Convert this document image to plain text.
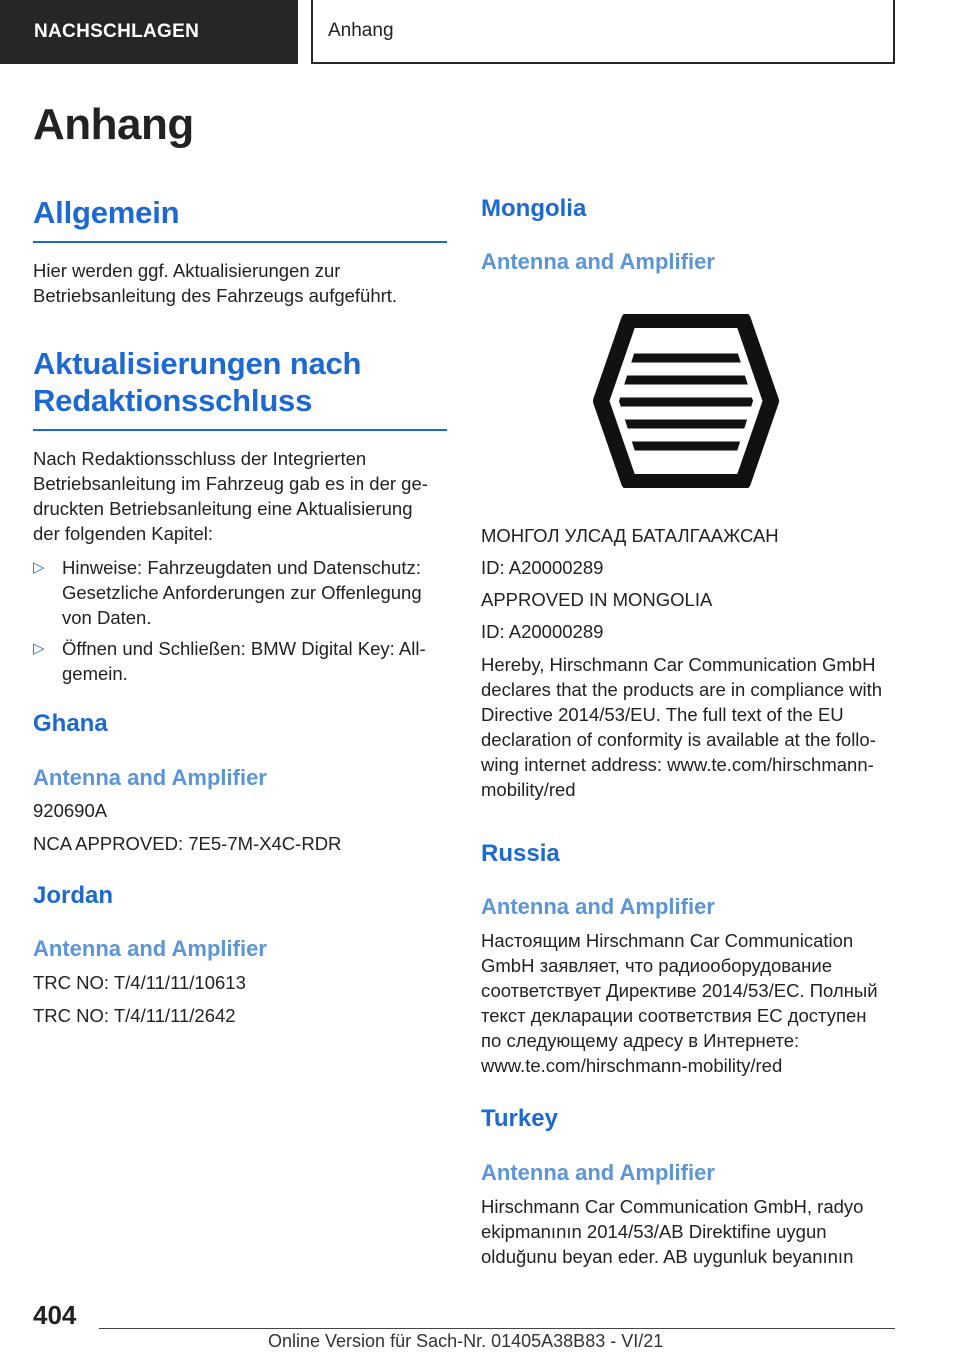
NACHSCHLAGEN	Anhang
Anhang
Allgemein

Hier werden ggf. Aktualisierungen zur

Betriebsanleitung des Fahrzeugs aufgeführt.

Aktualisierungen nach
Redaktionsschluss

Nach Redaktionsschluss der Integrierten

Betriebsanleitung im Fahrzeug gab es in der ge-

druckten Betriebsanleitung eine Aktualisierung

der folgenden Kapitel:

▷ Hinweise: Fahrzeugdaten und Datenschutz:

Gesetzliche Anforderungen zur Offenlegung

von Daten.

▷ Öffnen und Schließen: BMW Digital Key: All-

gemein.

Ghana
Antenna and Amplifier

920690A

NCA APPROVED: 7E5-7M-X4C-RDR

Jordan
Antenna and Amplifier

TRC NO: T/4/11/11/10613

TRC NO: T/4/11/11/2642

Mongolia
Antenna and Amplifier

МОНГОЛ УЛСАД БАТАЛГААЖСАН

ID: A20000289

APPROVED IN MONGOLIA

ID: A20000289

Hereby, Hirschmann Car Communication GmbH

declares that the products are in compliance with

Directive 2014/53/EU. The full text of the EU

declaration of conformity is available at the follo-

wing internet address: www.te.com/hirschmann-

mobility/red

Russia
Antenna and Amplifier

Настоящим Hirschmann Car Communication

GmbH заявляет, что радиооборудование

соответствует Директиве 2014/53/ЕС. Полный

текст декларации соответствия ЕС доступен

по следующему адресу в Интернете:

www.te.com/hirschmann-mobility/red

Turkey
Antenna and Amplifier

Hirschmann Car Communication GmbH, radyo

ekipmanının 2014/53/AB Direktifine uygun

olduğunu beyan eder. AB uygunluk beyanının

404
Online Version für Sach-Nr. 01405A38B83 - VI/21
